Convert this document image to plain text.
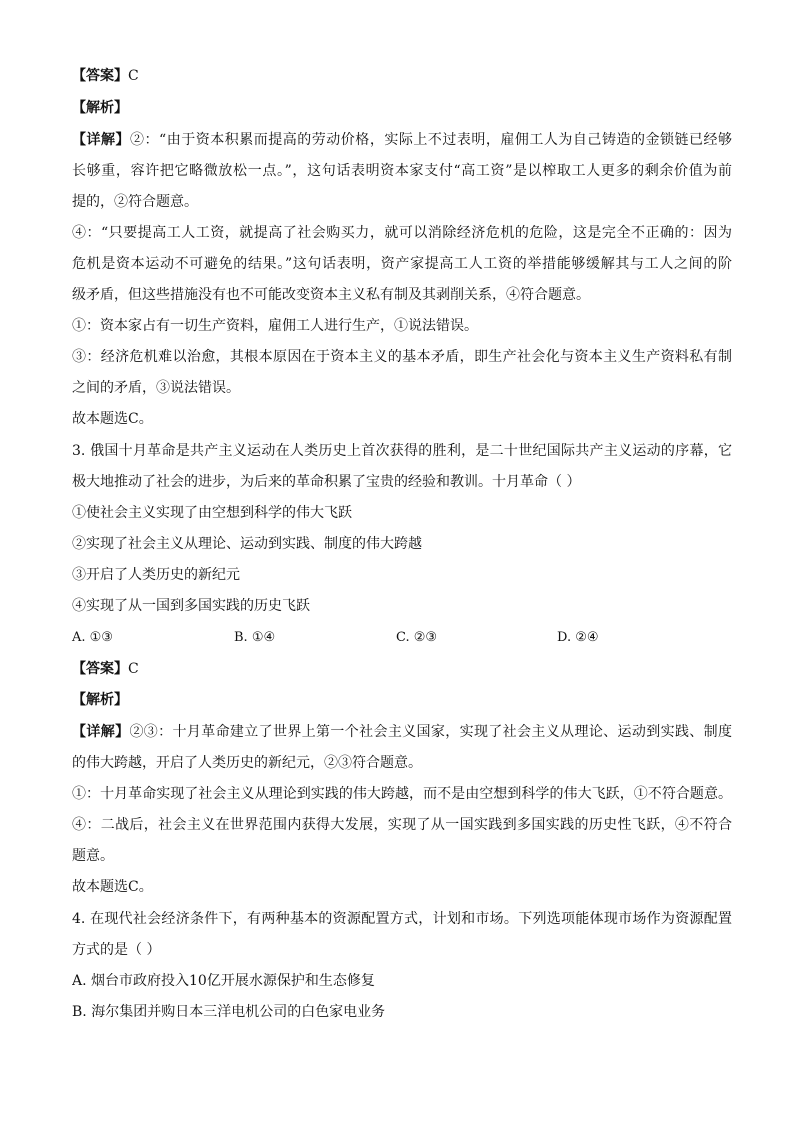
【答案】C
【解析】
【详解】②：“由于资本积累而提高的劳动价格，实际上不过表明，雇佣工人为自己铸造的金锁链已经够
长够重，容许把它略微放松一点。”，这句话表明资本家支付“高工资”是以榨取工人更多的剩余价值为前
提的，②符合题意。
④：“只要提高工人工资，就提高了社会购买力，就可以消除经济危机的危险，这是完全不正确的：因为
危机是资本运动不可避免的结果。”这句话表明，资产家提高工人工资的举措能够缓解其与工人之间的阶
级矛盾，但这些措施没有也不可能改变资本主义私有制及其剥削关系，④符合题意。
①：资本家占有一切生产资料，雇佣工人进行生产，①说法错误。
③：经济危机难以治愈，其根本原因在于资本主义的基本矛盾，即生产社会化与资本主义生产资料私有制
之间的矛盾，③说法错误。
故本题选C。
3. 俄国十月革命是共产主义运动在人类历史上首次获得的胜利，是二十世纪国际共产主义运动的序幕，它
极大地推动了社会的进步，为后来的革命积累了宝贵的经验和教训。十月革命（ ）
①使社会主义实现了由空想到科学的伟大飞跃
②实现了社会主义从理论、运动到实践、制度的伟大跨越
③开启了人类历史的新纪元
④实现了从一国到多国实践的历史飞跃
A. ①③	B. ①④	C. ②③	D. ②④
【答案】C
【解析】
【详解】②③：十月革命建立了世界上第一个社会主义国家，实现了社会主义从理论、运动到实践、制度
的伟大跨越，开启了人类历史的新纪元，②③符合题意。
①：十月革命实现了社会主义从理论到实践的伟大跨越，而不是由空想到科学的伟大飞跃，①不符合题意。
④：二战后，社会主义在世界范围内获得大发展，实现了从一国实践到多国实践的历史性飞跃，④不符合
题意。
故本题选C。
4. 在现代社会经济条件下，有两种基本的资源配置方式，计划和市场。下列选项能体现市场作为资源配置
方式的是（ ）
A. 烟台市政府投入10亿开展水源保护和生态修复
B. 海尔集团并购日本三洋电机公司的白色家电业务
